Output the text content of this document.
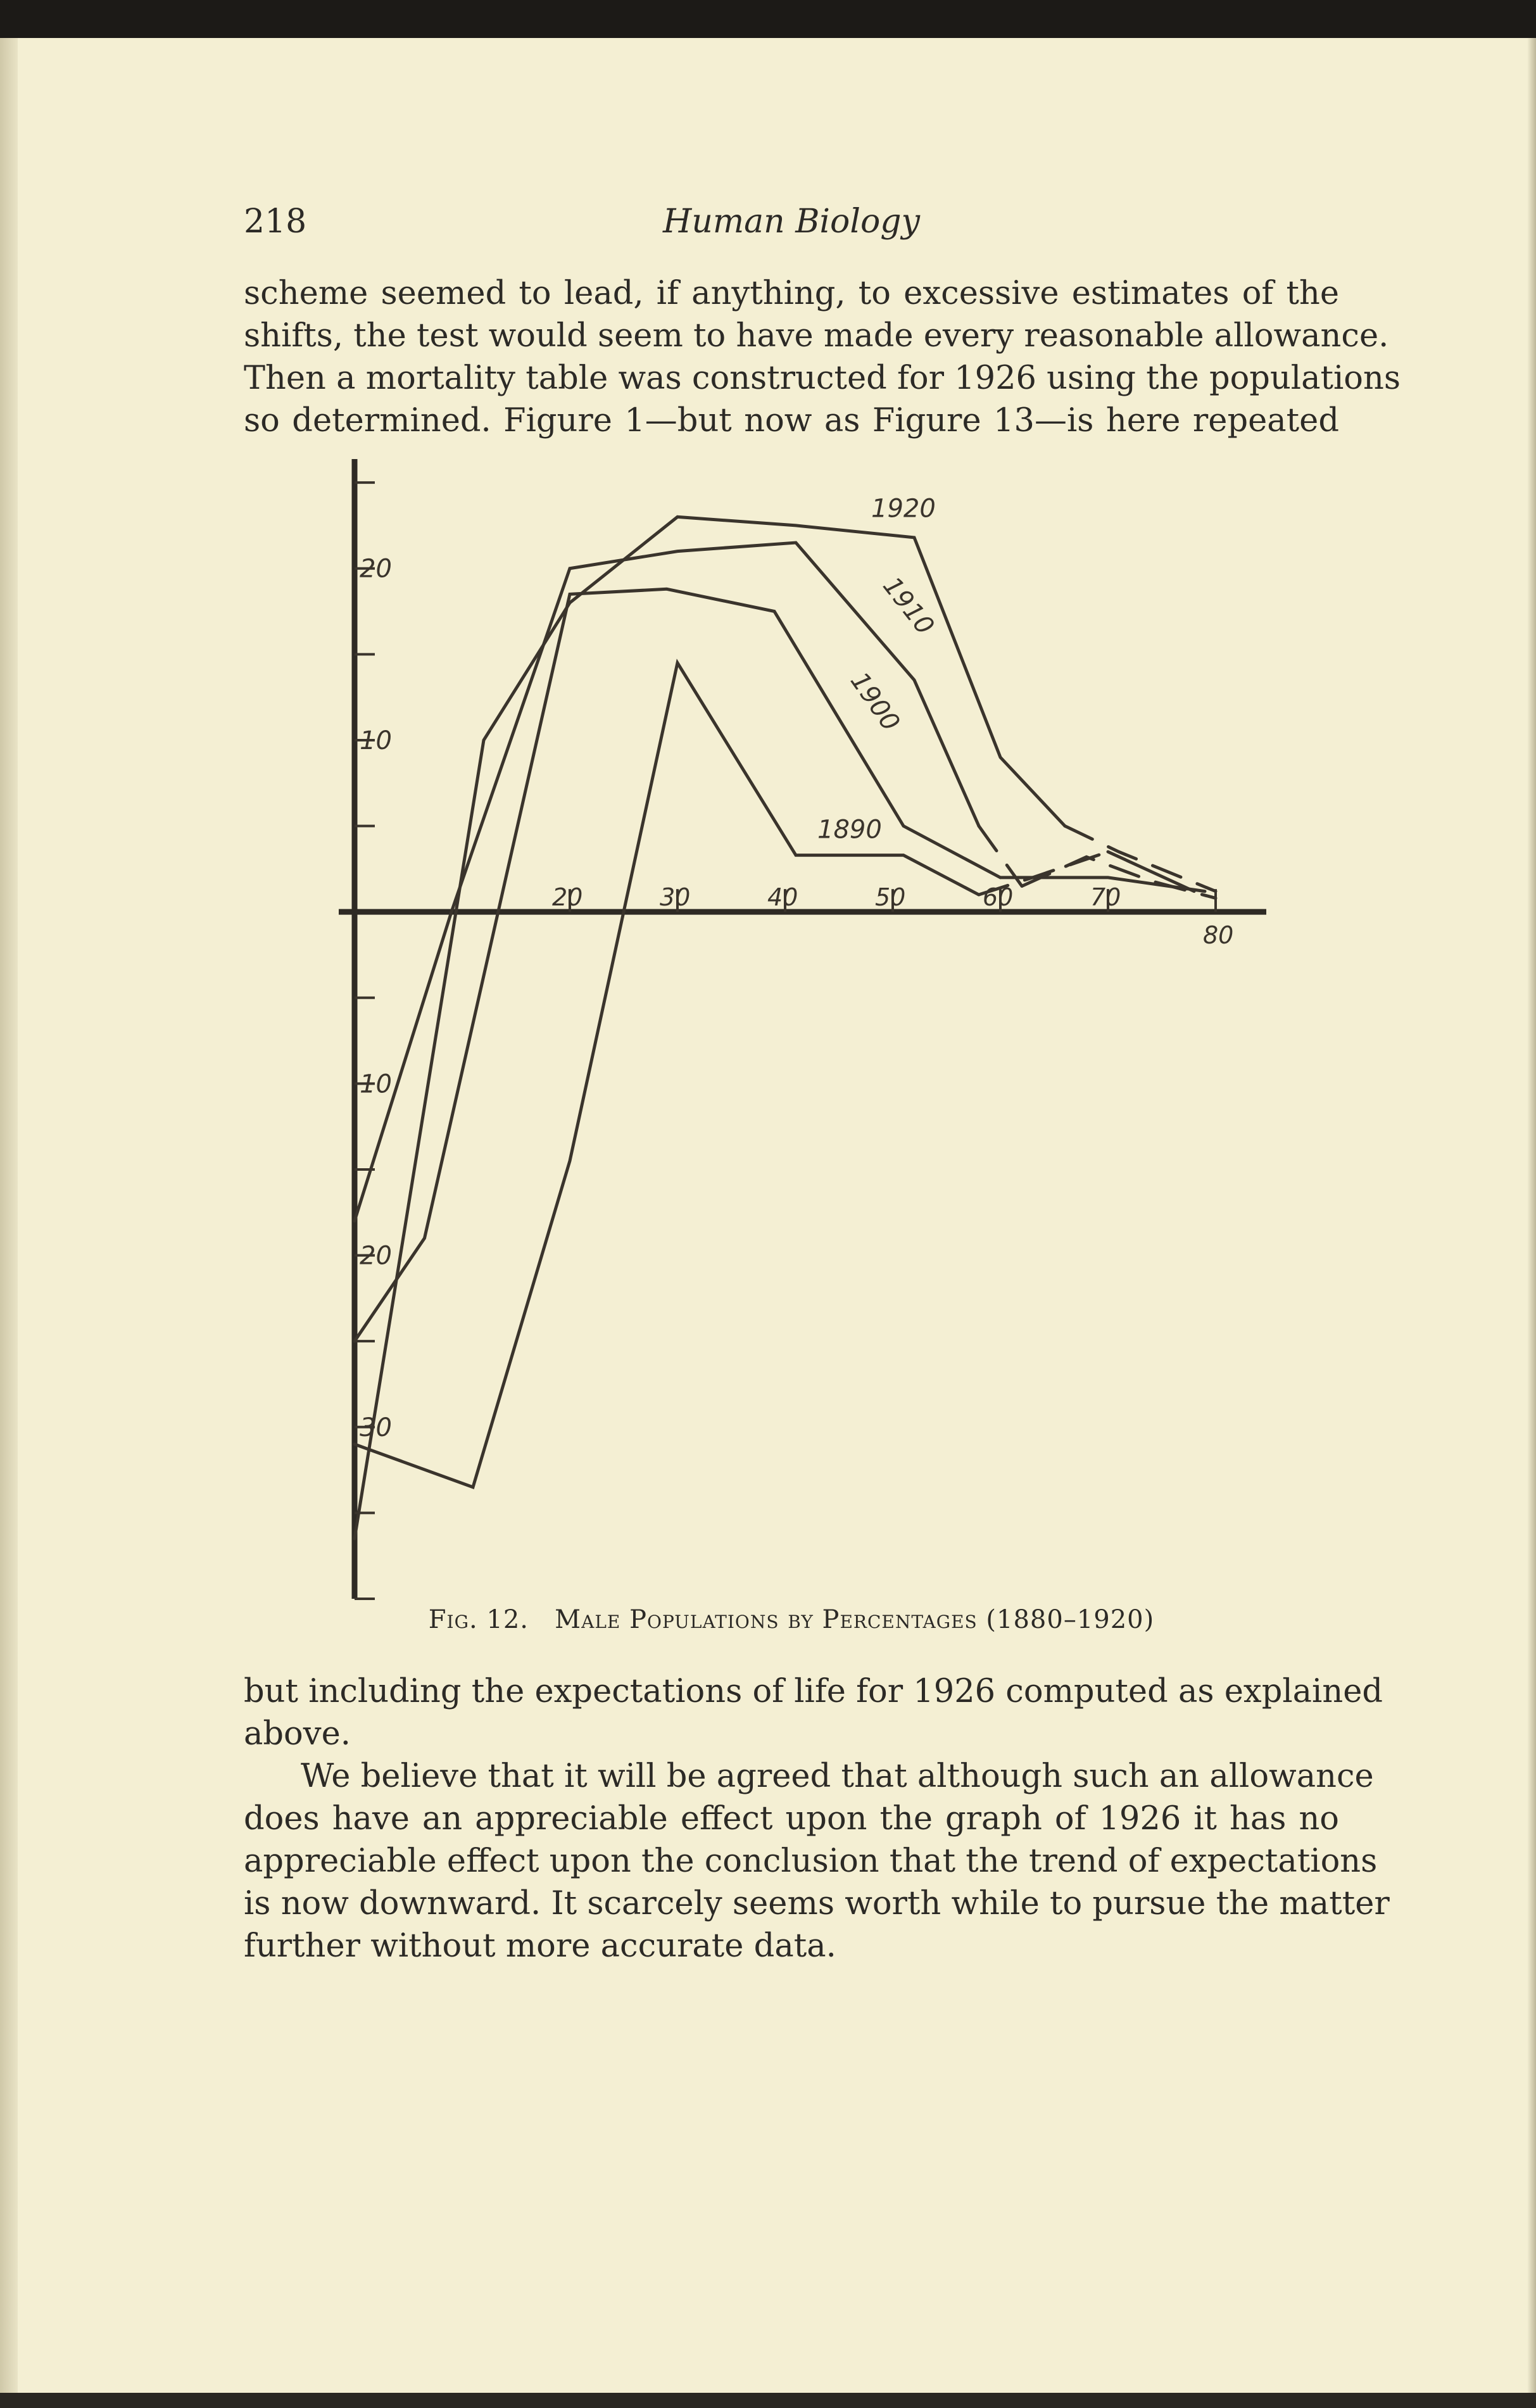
218	Human Biology

scheme seemed to lead, if anything, to excessive estimates of the
shifts, the test would seem to have made every reasonable allowance.
Then a mortality table was constructed for 1926 using the populations
so determined. Figure 1—but now as Figure 13—is here repeated

20
10
10
20
30
20	30	40	50	60	70
80
1890
1900
1910
1920
Fig. 12. Male Populations by Percentages (1880–1920)

but including the expectations of life for 1926 computed as explained
above.

We believe that it will be agreed that although such an allowance
does have an appreciable effect upon the graph of 1926 it has no
appreciable effect upon the conclusion that the trend of expectations
is now downward. It scarcely seems worth while to pursue the matter
further without more accurate data.
